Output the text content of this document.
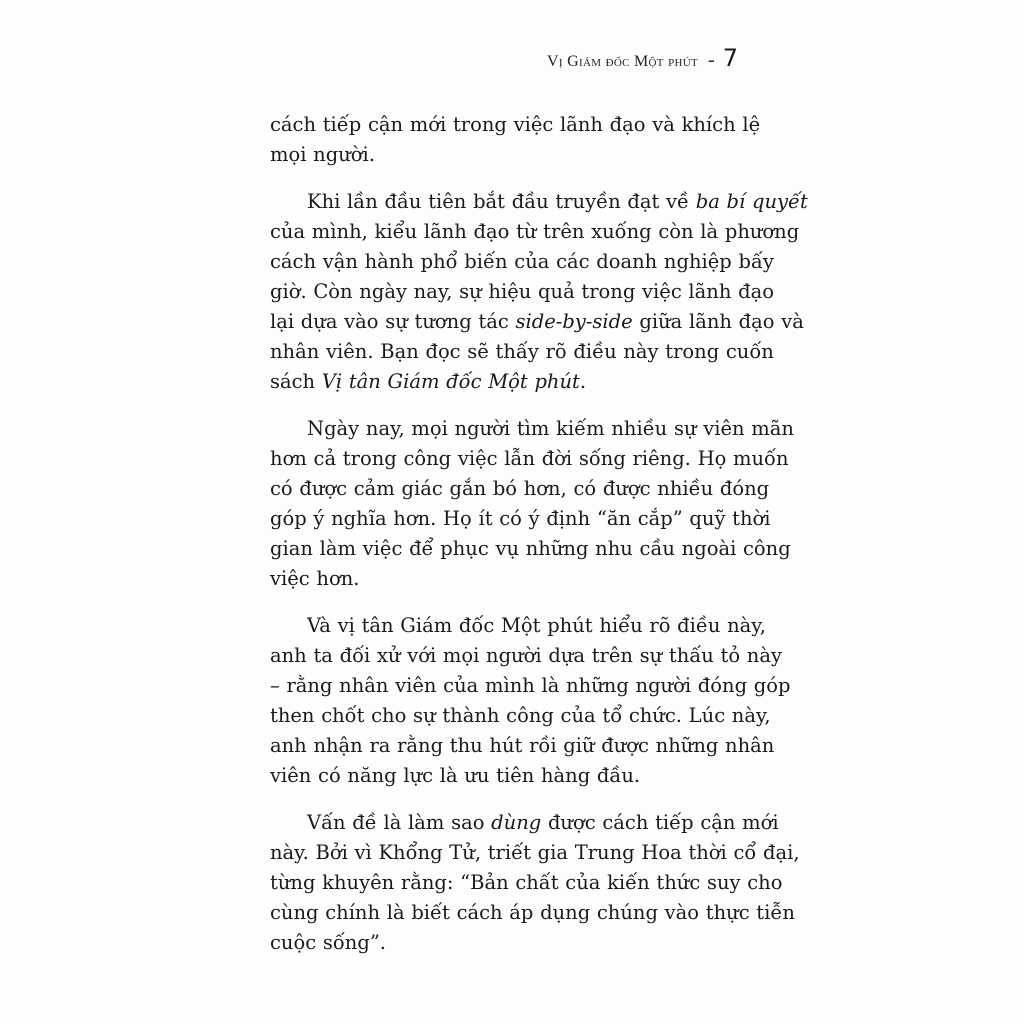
Vị Giám đốc Một phút - 7

cách tiếp cận mới trong việc lãnh đạo và khích lệ
mọi người.

Khi lần đầu tiên bắt đầu truyền đạt về ba bí quyết
của mình, kiểu lãnh đạo từ trên xuống còn là phương
cách vận hành phổ biến của các doanh nghiệp bấy
giờ. Còn ngày nay, sự hiệu quả trong việc lãnh đạo
lại dựa vào sự tương tác side-by-side giữa lãnh đạo và
nhân viên. Bạn đọc sẽ thấy rõ điều này trong cuốn
sách Vị tân Giám đốc Một phút.

Ngày nay, mọi người tìm kiếm nhiều sự viên mãn
hơn cả trong công việc lẫn đời sống riêng. Họ muốn
có được cảm giác gắn bó hơn, có được nhiều đóng
góp ý nghĩa hơn. Họ ít có ý định “ăn cắp” quỹ thời
gian làm việc để phục vụ những nhu cầu ngoài công
việc hơn.

Và vị tân Giám đốc Một phút hiểu rõ điều này,
anh ta đối xử với mọi người dựa trên sự thấu tỏ này
– rằng nhân viên của mình là những người đóng góp
then chốt cho sự thành công của tổ chức. Lúc này,
anh nhận ra rằng thu hút rồi giữ được những nhân
viên có năng lực là ưu tiên hàng đầu.

Vấn đề là làm sao dùng được cách tiếp cận mới
này. Bởi vì Khổng Tử, triết gia Trung Hoa thời cổ đại,
từng khuyên rằng: “Bản chất của kiến thức suy cho
cùng chính là biết cách áp dụng chúng vào thực tiễn
cuộc sống”.
